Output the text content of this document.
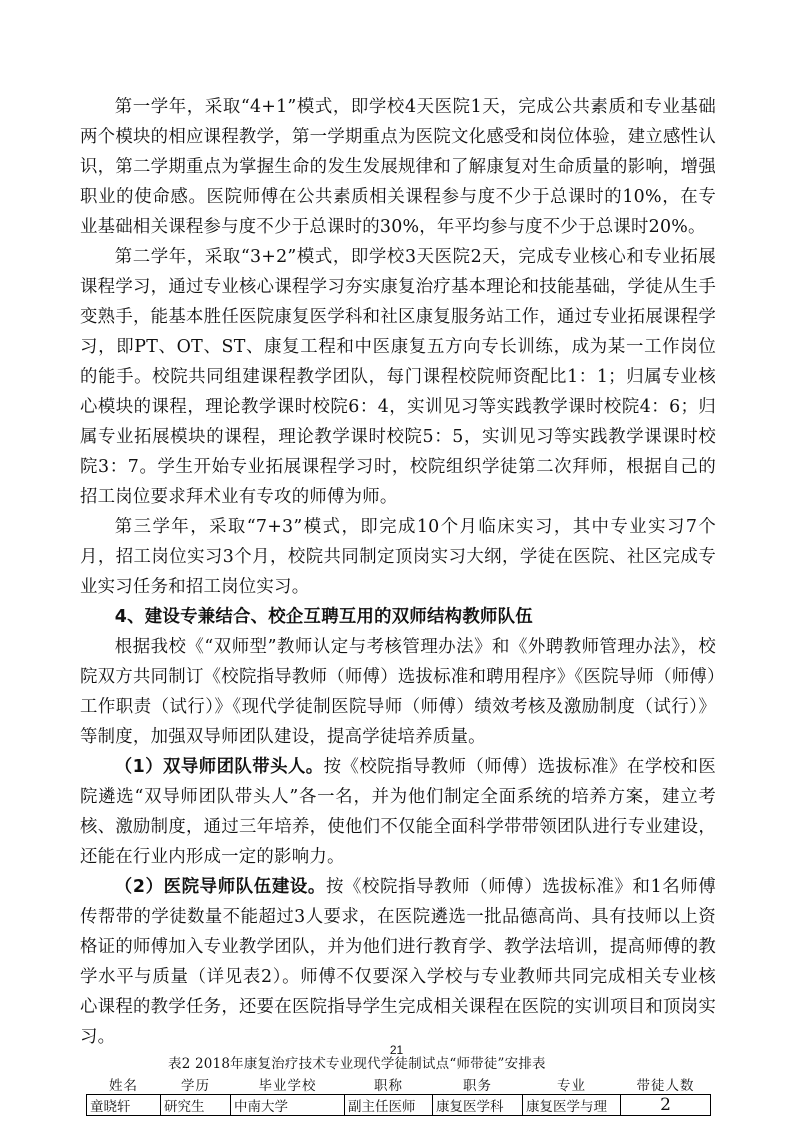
第一学年，采取“4+1”模式，即学校4天医院1天，完成公共素质和专业基础两个模块的相应课程教学，第一学期重点为医院文化感受和岗位体验，建立感性认识，第二学期重点为掌握生命的发生发展规律和了解康复对生命质量的影响，增强职业的使命感。医院师傅在公共素质相关课程参与度不少于总课时的10%，在专业基础相关课程参与度不少于总课时的30%，年平均参与度不少于总课时20%。

第二学年，采取“3+2”模式，即学校3天医院2天，完成专业核心和专业拓展课程学习，通过专业核心课程学习夯实康复治疗基本理论和技能基础，学徒从生手变熟手，能基本胜任医院康复医学科和社区康复服务站工作，通过专业拓展课程学习，即PT、OT、ST、康复工程和中医康复五方向专长训练，成为某一工作岗位的能手。校院共同组建课程教学团队，每门课程校院师资配比1：1；归属专业核心模块的课程，理论教学课时校院6：4，实训见习等实践教学课时校院4：6；归属专业拓展模块的课程，理论教学课时校院5：5，实训见习等实践教学课课时校院3：7。学生开始专业拓展课程学习时，校院组织学徒第二次拜师，根据自己的招工岗位要求拜术业有专攻的师傅为师。

第三学年，采取“7+3”模式，即完成10个月临床实习，其中专业实习7个月，招工岗位实习3个月，校院共同制定顶岗实习大纲，学徒在医院、社区完成专业实习任务和招工岗位实习。

4、建设专兼结合、校企互聘互用的双师结构教师队伍

根据我校《“双师型”教师认定与考核管理办法》和《外聘教师管理办法》，校院双方共同制订《校院指导教师（师傅）选拔标准和聘用程序》《医院导师（师傅）工作职责（试行）》《现代学徒制医院导师（师傅）绩效考核及激励制度（试行）》等制度，加强双导师团队建设，提高学徒培养质量。

（1）双导师团队带头人。按《校院指导教师（师傅）选拔标准》在学校和医院遴选“双导师团队带头人”各一名，并为他们制定全面系统的培养方案，建立考核、激励制度，通过三年培养，使他们不仅能全面科学带带领团队进行专业建设，还能在行业内形成一定的影响力。

（2）医院导师队伍建设。按《校院指导教师（师傅）选拔标准》和1名师傅传帮带的学徒数量不能超过3人要求，在医院遴选一批品德高尚、具有技师以上资格证的师傅加入专业教学团队，并为他们进行教育学、教学法培训，提高师傅的教学水平与质量（详见表2）。师傅不仅要深入学校与专业教师共同完成相关专业核心课程的教学任务，还要在医院指导学生完成相关课程在医院的实训项目和顶岗实习。

表2 2018年康复治疗技术专业现代学徒制试点“师带徒”安排表

姓名	学历	毕业学校	职称	职务	专业	带徒人数
童晓轩	研究生	中南大学	副主任医师	康复医学科	康复医学与理	2
21
